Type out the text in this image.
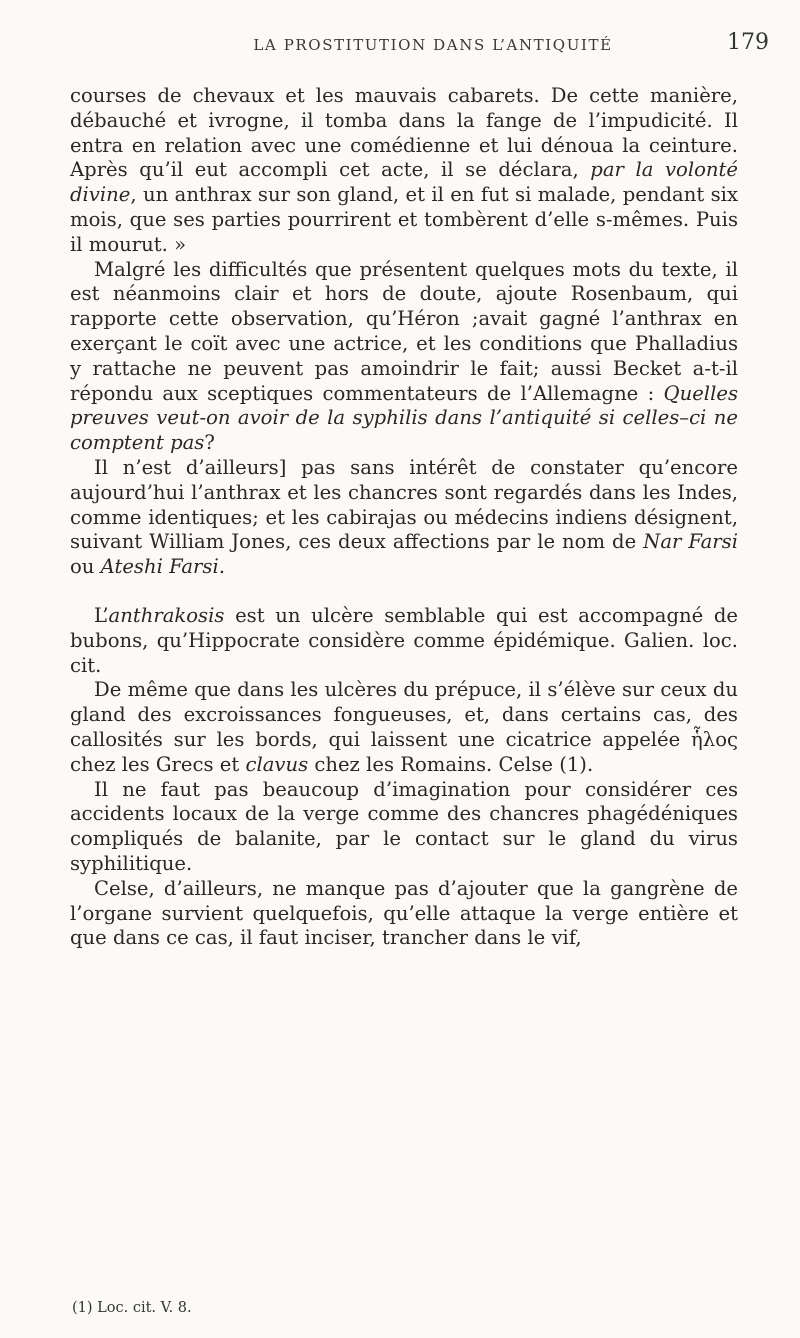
LA PROSTITUTION DANS L’ANTIQUITÉ	179

courses de chevaux et les mauvais cabarets. De cette manière, débauché et ivrogne, il tomba dans la fange de l’impudicité. Il entra en relation avec une comédienne et lui dénoua la ceinture. Après qu’il eut accompli cet acte, il se déclara, par la volonté divine, un anthrax sur son gland, et il en fut si malade, pendant six mois, que ses parties pourrirent et tombèrent d’elle s-mêmes. Puis il mourut. »

Malgré les difficultés que présentent quelques mots du texte, il est néanmoins clair et hors de doute, ajoute Rosenbaum, qui rapporte cette observation, qu’Héron ;avait gagné l’anthrax en exerçant le coït avec une actrice, et les conditions que Phalladius y rattache ne peuvent pas amoindrir le fait; aussi Becket a-t-il répondu aux sceptiques commentateurs de l’Allemagne : Quelles preuves veut-on avoir de la syphilis dans l’antiquité si celles–ci ne comptent pas?

Il n’est d’ailleurs] pas sans intérêt de constater qu’encore aujourd’hui l’anthrax et les chancres sont regardés dans les Indes, comme identiques; et les cabirajas ou médecins indiens désignent, suivant William Jones, ces deux affections par le nom de Nar Farsi ou Ateshi Farsi.

L’anthrakosis est un ulcère semblable qui est accompagné de bubons, qu’Hippocrate considère comme épidémique. Galien. loc. cit.

De même que dans les ulcères du prépuce, il s’élève sur ceux du gland des excroissances fongueuses, et, dans certains cas, des callosités sur les bords, qui laissent une cicatrice appelée ἧλος chez les Grecs et clavus chez les Romains. Celse (1).

Il ne faut pas beaucoup d’imagination pour considérer ces accidents locaux de la verge comme des chancres phagédéniques compliqués de balanite, par le contact sur le gland du virus syphilitique.

Celse, d’ailleurs, ne manque pas d’ajouter que la gangrène de l’organe survient quelquefois, qu’elle attaque la verge entière et que dans ce cas, il faut inciser, trancher dans le vif,

(1) Loc. cit. V. 8.
